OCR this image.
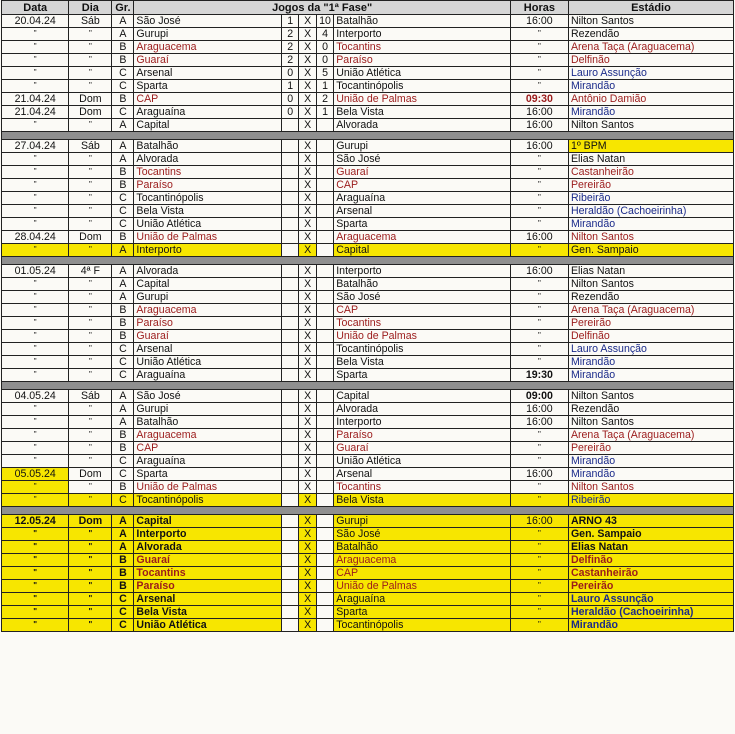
Data	Dia	Gr.	Jogos da "1ª Fase"					Horas	Estádio
20.04.24	Sáb	A	São José	1	X	10	Batalhão	16:00	Nilton Santos
"	"	A	Gurupi	2	X	4	Interporto	"	Rezendão
"	"	B	Araguacema	2	X	0	Tocantins	"	Arena Taça (Araguacema)
"	"	B	Guaraí	2	X	0	Paraíso	"	Delfinão
"	"	C	Arsenal	0	X	5	União Atlética	"	Lauro Assunção
"	"	C	Sparta	1	X	1	Tocantinópolis	"	Mirandão
21.04.24	Dom	B	CAP	0	X	2	União de Palmas	09:30	Antônio Damião
21.04.24	Dom	C	Araguaína	0	X	1	Bela Vista	16:00	Mirandão
"	"	A	Capital		X		Alvorada	16:00	Nilton Santos

27.04.24	Sáb	A	Batalhão		X		Gurupi	16:00	1º BPM
"	"	A	Alvorada		X		São José	"	Elias Natan
"	"	B	Tocantins		X		Guaraí	"	Castanheirão
"	"	B	Paraíso		X		CAP	"	Pereirão
"	"	C	Tocantinópolis		X		Araguaína	"	Ribeirão
"	"	C	Bela Vista		X		Arsenal	"	Heraldão (Cachoeirinha)
"	"	C	União Atlética		X		Sparta	"	Mirandão
28.04.24	Dom	B	União de Palmas		X		Araguacema	16:00	Nilton Santos
"	"	A	Interporto		X		Capital	"	Gen. Sampaio

01.05.24	4ª F	A	Alvorada		X		Interporto	16:00	Elias Natan
"	"	A	Capital		X		Batalhão	"	Nilton Santos
"	"	A	Gurupi		X		São José	"	Rezendão
"	"	B	Araguacema		X		CAP	"	Arena Taça (Araguacema)
"	"	B	Paraíso		X		Tocantins	"	Pereirão
"	"	B	Guaraí		X		União de Palmas	"	Delfinão
"	"	C	Arsenal		X		Tocantinópolis	"	Lauro Assunção
"	"	C	União Atlética		X		Bela Vista	"	Mirandão
"	"	C	Araguaína		X		Sparta	19:30	Mirandão

04.05.24	Sáb	A	São José		X		Capital	09:00	Nilton Santos
"	"	A	Gurupi		X		Alvorada	16:00	Rezendão
"	"	A	Batalhão		X		Interporto	16:00	Nilton Santos
"	"	B	Araguacema		X		Paraíso	"	Arena Taça (Araguacema)
"	"	B	CAP		X		Guaraí	"	Pereirão
"	"	C	Araguaína		X		União Atlética	"	Mirandão
05.05.24	Dom	C	Sparta		X		Arsenal	16:00	Mirandão
"	"	B	União de Palmas		X		Tocantins	"	Nilton Santos
"	"	C	Tocantinópolis		X		Bela Vista	"	Ribeirão

12.05.24	Dom	A	Capital		X		Gurupi	16:00	ARNO 43
"	"	A	Interporto		X		São José	"	Gen. Sampaio
"	"	A	Alvorada		X		Batalhão	"	Elias Natan
"	"	B	Guaraí		X		Araguacema	"	Delfinão
"	"	B	Tocantins		X		CAP	"	Castanheirão
"	"	B	Paraíso		X		União de Palmas	"	Pereirão
"	"	C	Arsenal		X		Araguaína	"	Lauro Assunção
"	"	C	Bela Vista		X		Sparta	"	Heraldão (Cachoeirinha)
"	"	C	União Atlética		X		Tocantinópolis	"	Mirandão
